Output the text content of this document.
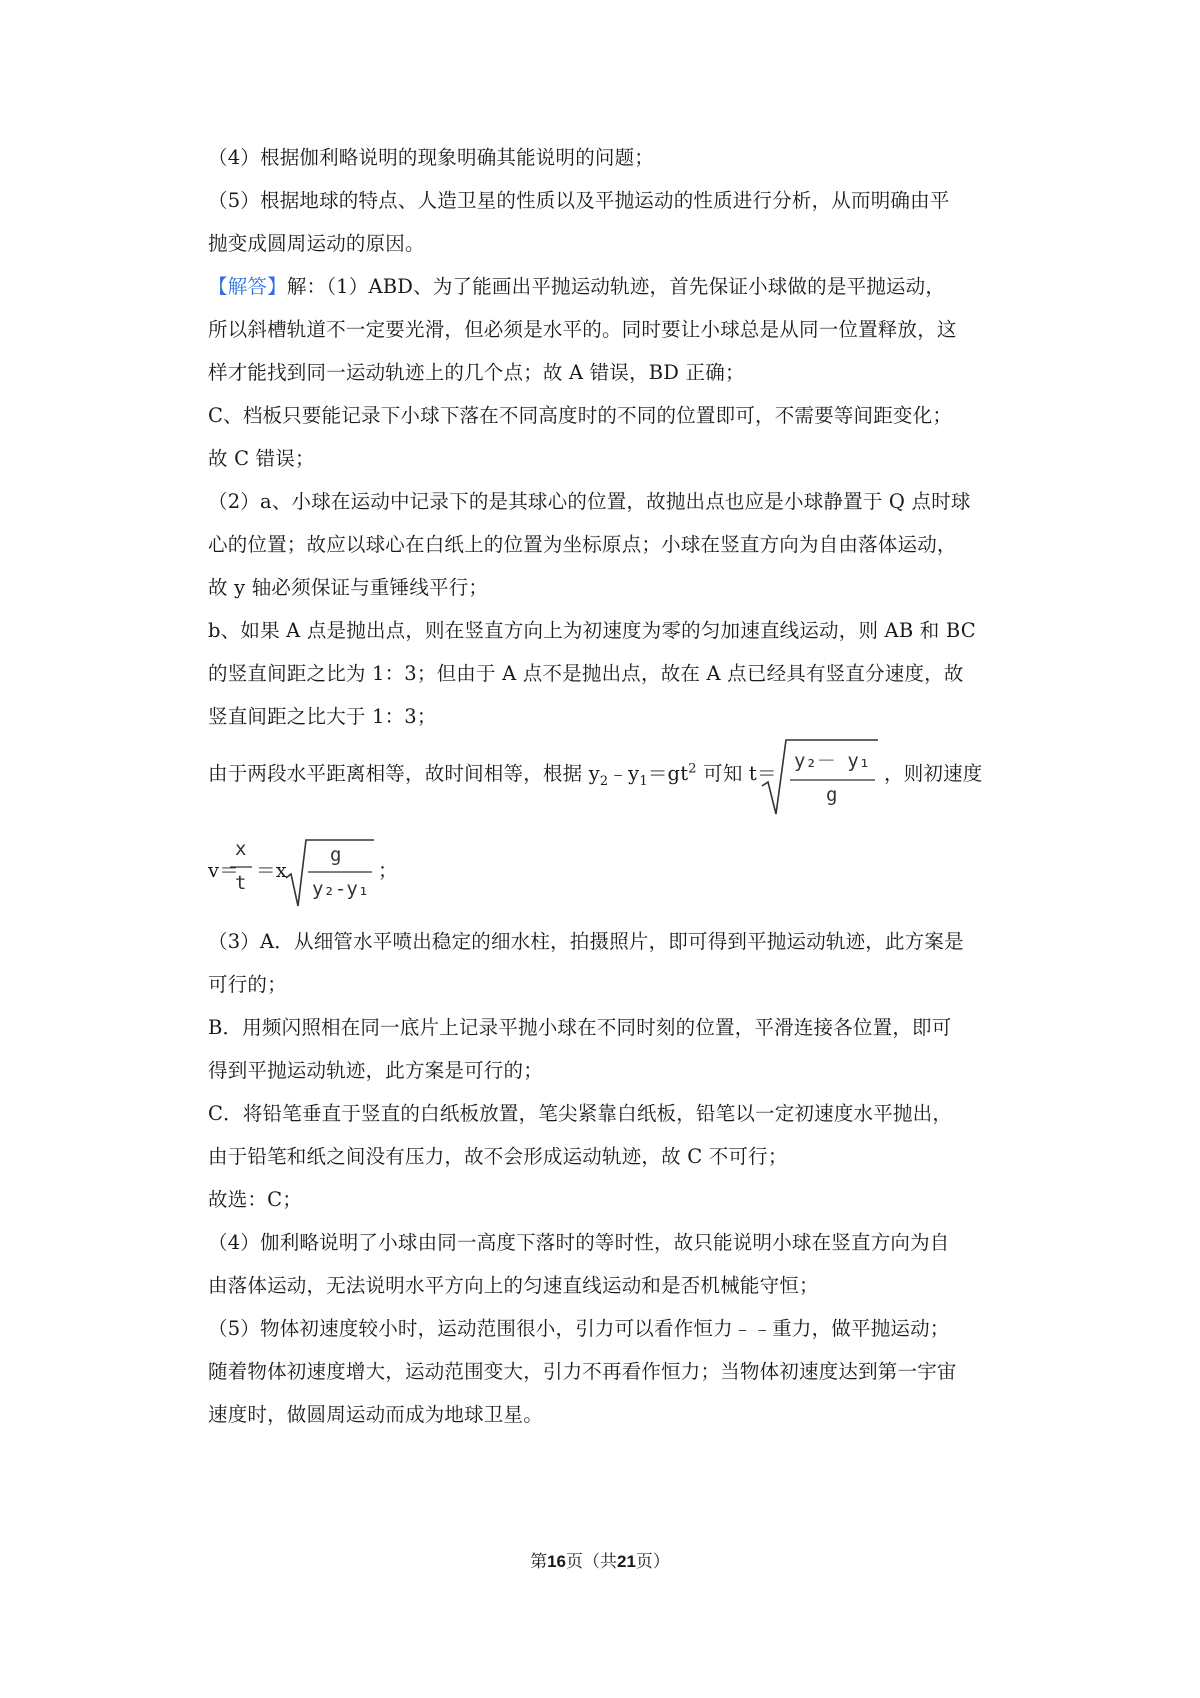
（4）根据伽利略说明的现象明确其能说明的问题；
（5）根据地球的特点、人造卫星的性质以及平抛运动的性质进行分析，从而明确由平
抛变成圆周运动的原因。
【解答】解：（1）ABD、为了能画出平抛运动轨迹，首先保证小球做的是平抛运动，
所以斜槽轨道不一定要光滑，但必须是水平的。同时要让小球总是从同一位置释放，这
样才能找到同一运动轨迹上的几个点；故 A 错误，BD 正确；
C、档板只要能记录下小球下落在不同高度时的不同的位置即可，不需要等间距变化；
故 C 错误；
（2）a、小球在运动中记录下的是其球心的位置，故抛出点也应是小球静置于 Q 点时球
心的位置；故应以球心在白纸上的位置为坐标原点；小球在竖直方向为自由落体运动，
故 y 轴必须保证与重锤线平行；
b、如果 A 点是抛出点，则在竖直方向上为初速度为零的匀加速直线运动，则 AB 和 BC
的竖直间距之比为 1：3；但由于 A 点不是抛出点，故在 A 点已经具有竖直分速度，故
竖直间距之比大于 1：3；
由于两段水平距离相等，故时间相等，根据 $y_2﹣y_1=gt^2$ 可知 t＝
y₂－ y₁
g
，则初速度
v＝
x
t
＝x
g
y₂-y₁
；
（3）A．从细管水平喷出稳定的细水柱，拍摄照片，即可得到平抛运动轨迹，此方案是
可行的；
B．用频闪照相在同一底片上记录平抛小球在不同时刻的位置，平滑连接各位置，即可
得到平抛运动轨迹，此方案是可行的；
C．将铅笔垂直于竖直的白纸板放置，笔尖紧靠白纸板，铅笔以一定初速度水平抛出，
由于铅笔和纸之间没有压力，故不会形成运动轨迹，故 C 不可行；
故选：C；
（4）伽利略说明了小球由同一高度下落时的等时性，故只能说明小球在竖直方向为自
由落体运动，无法说明水平方向上的匀速直线运动和是否机械能守恒；
（5）物体初速度较小时，运动范围很小，引力可以看作恒力﹣﹣重力，做平抛运动；
随着物体初速度增大，运动范围变大，引力不再看作恒力；当物体初速度达到第一宇宙
速度时，做圆周运动而成为地球卫星。
第16页（共21页）
